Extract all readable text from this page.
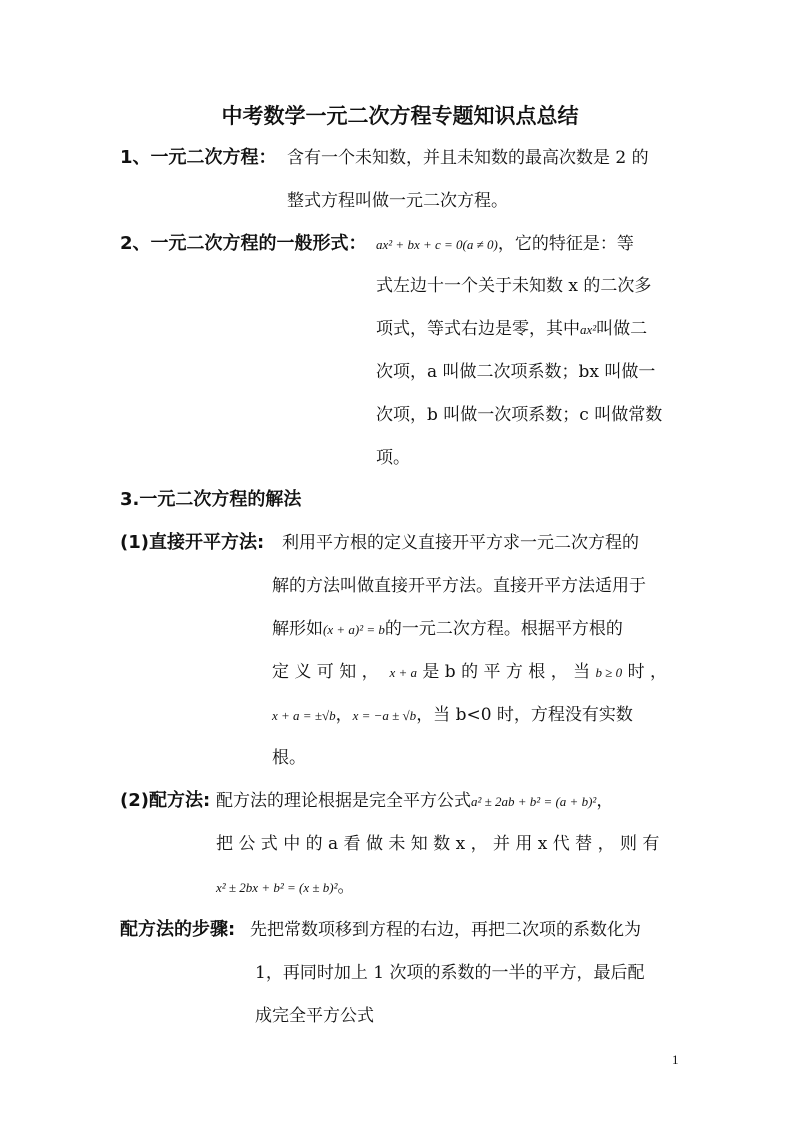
中考数学一元二次方程专题知识点总结
1、一元二次方程： 含有一个未知数，并且未知数的最高次数是 2 的
整式方程叫做一元二次方程。
2、一元二次方程的一般形式： ax² + bx + c = 0(a ≠ 0)，它的特征是：等
式左边十一个关于未知数 x 的二次多
项式，等式右边是零，其中ax²叫做二
次项，a 叫做二次项系数；bx 叫做一
次项，b 叫做一次项系数；c 叫做常数
项。
3.一元二次方程的解法
(1)直接开平方法: 利用平方根的定义直接开平方求一元二次方程的
解的方法叫做直接开平方法。直接开平方法适用于
解形如(x + a)² = b的一元二次方程。根据平方根的
定 义 可 知 ， x + a 是 b 的 平 方 根 ， 当 b ≥ 0 时 ，
x + a = ±√b，x = −a ± √b，当 b<0 时，方程没有实数
根。
(2)配方法: 配方法的理论根据是完全平方公式a² ± 2ab + b² = (a + b)²，
把 公 式 中 的 a 看 做 未 知 数 x ， 并 用 x 代 替 ， 则 有
x² ± 2bx + b² = (x ± b)²。
配方法的步骤: 先把常数项移到方程的右边，再把二次项的系数化为
1，再同时加上 1 次项的系数的一半的平方，最后配
成完全平方公式
1
